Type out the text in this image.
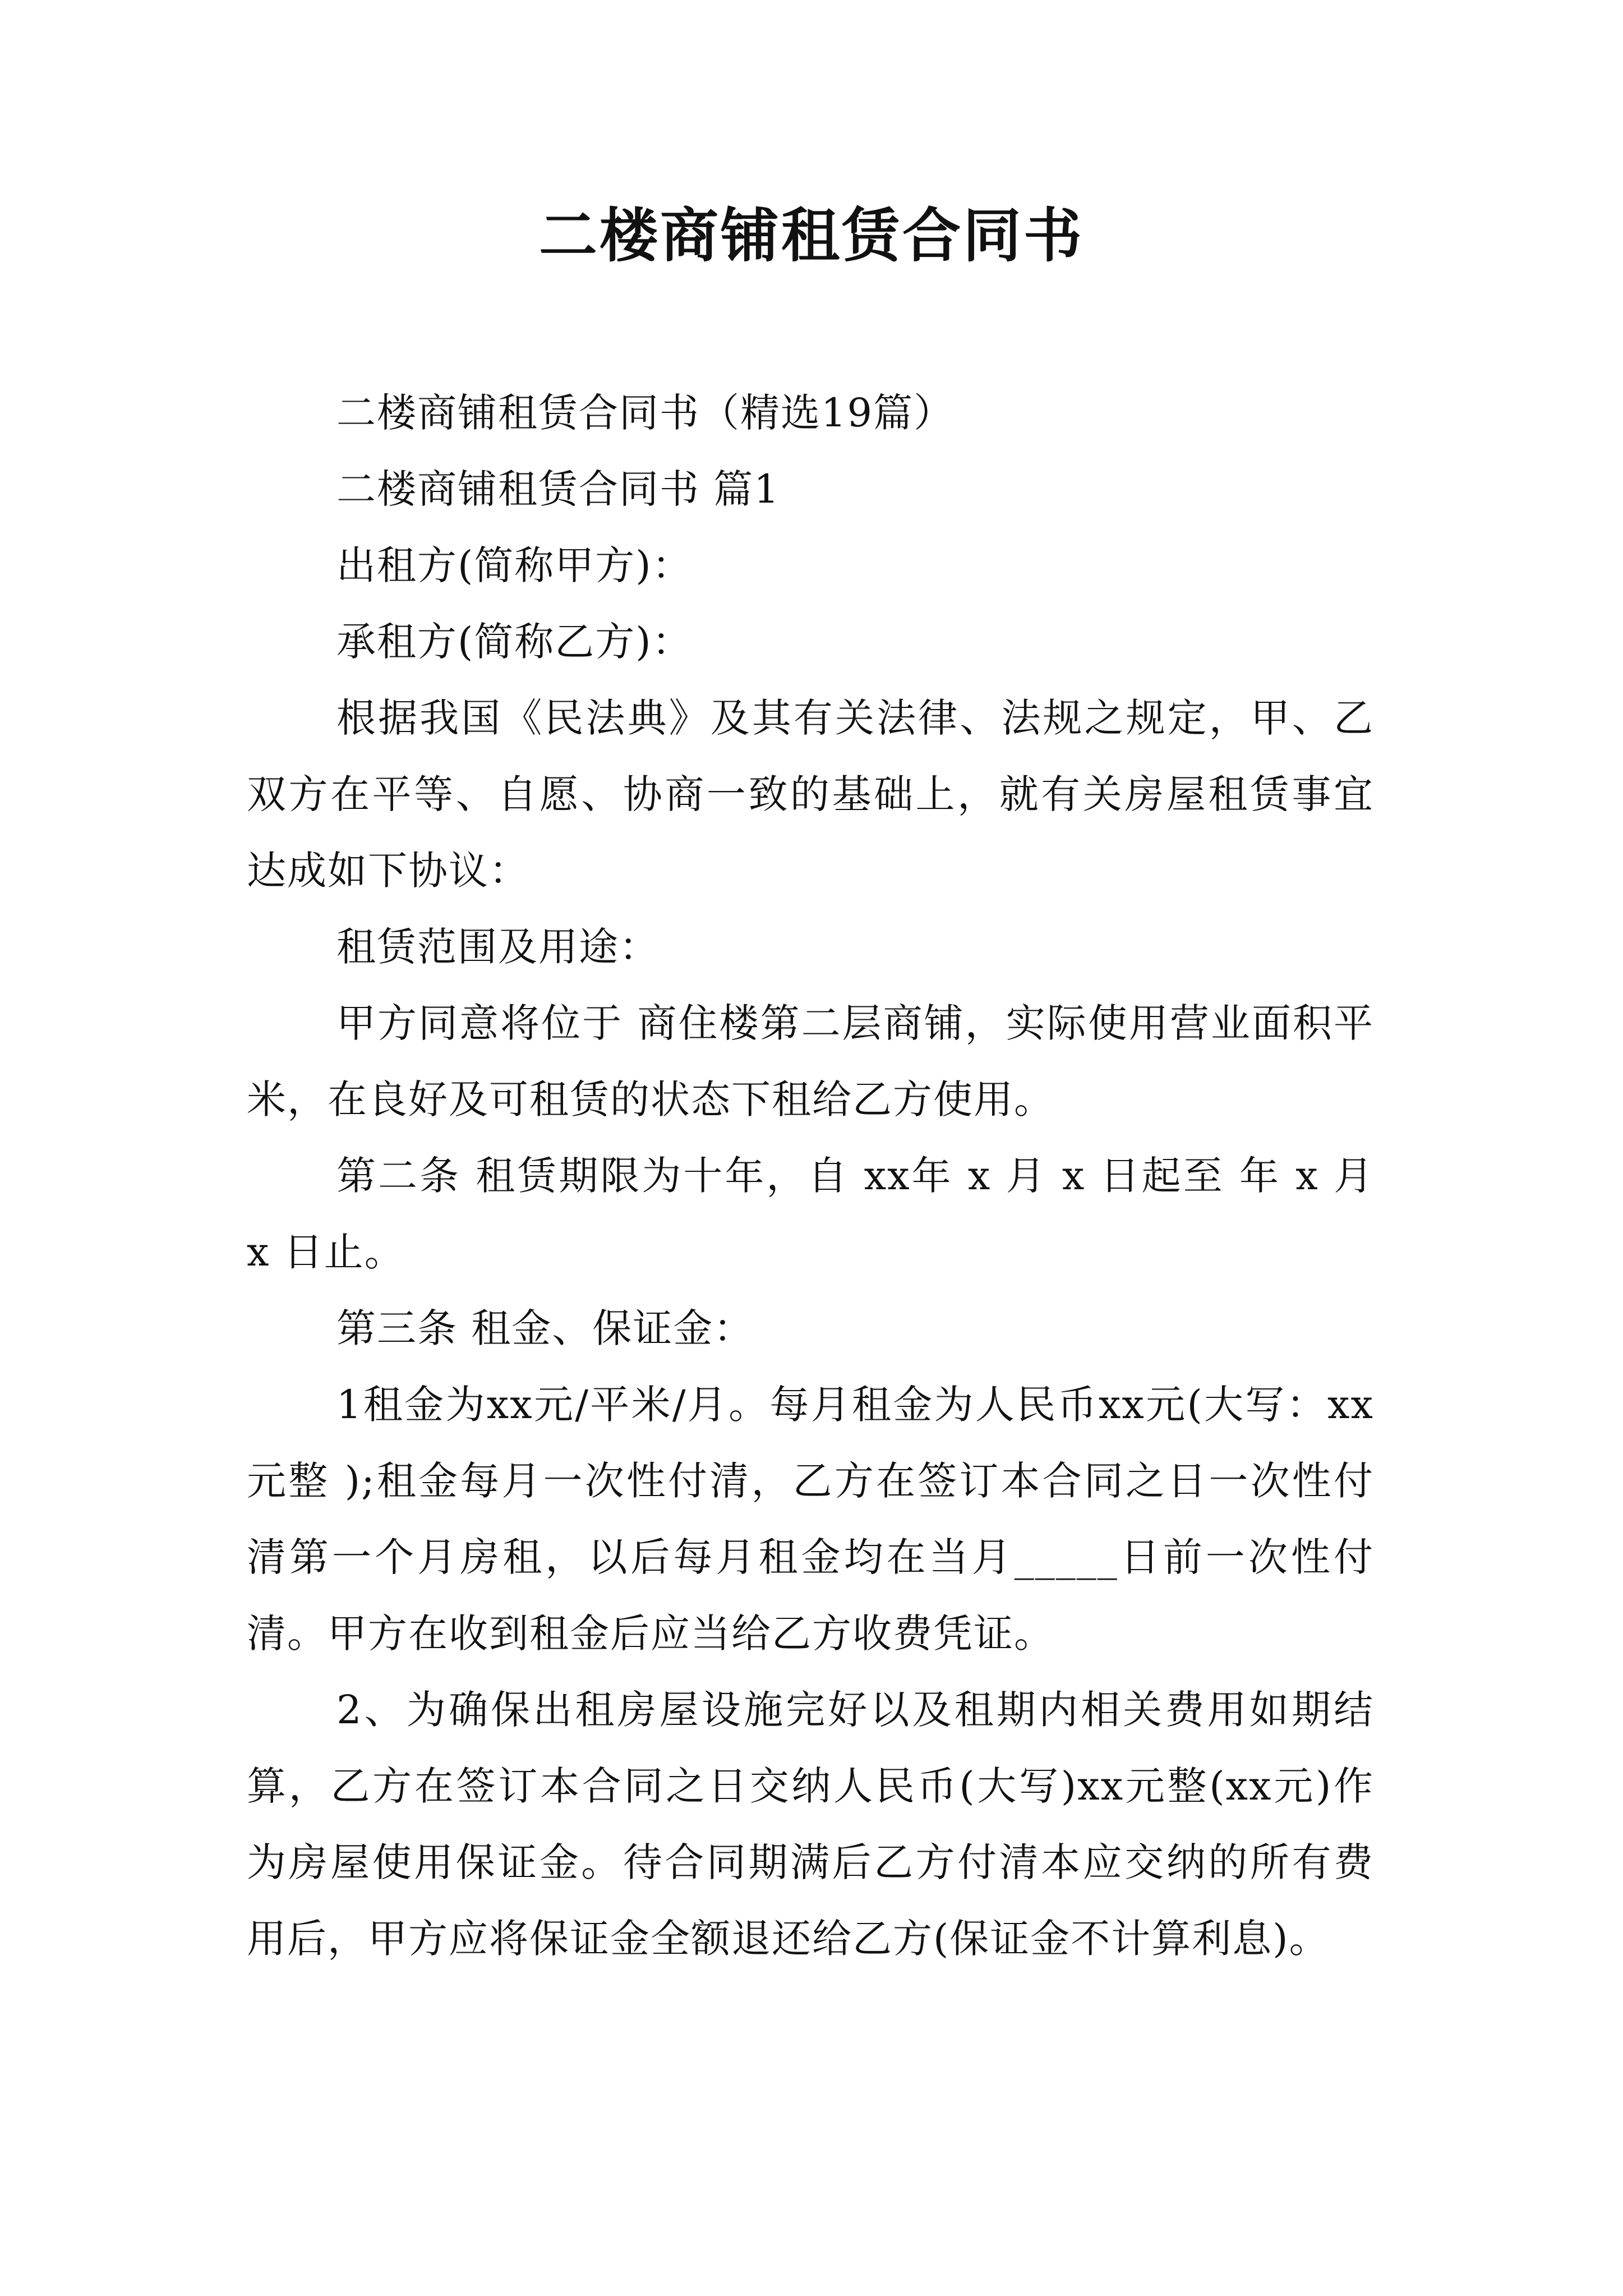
二楼商铺租赁合同书

二楼商铺租赁合同书（精选19篇）

二楼商铺租赁合同书 篇1

出租方(简称甲方)：

承租方(简称乙方)：

根据我国《民法典》及其有关法律、法规之规定，甲、乙双方在平等、自愿、协商一致的基础上，就有关房屋租赁事宜达成如下协议：

租赁范围及用途：

甲方同意将位于 商住楼第二层商铺，实际使用营业面积平米，在良好及可租赁的状态下租给乙方使用。

第二条 租赁期限为十年，自 xx年 x 月 x 日起至 年 x 月 x 日止。

第三条 租金、保证金：

1租金为xx元/平米/月。每月租金为人民币xx元(大写：xx元整 );租金每月一次性付清，乙方在签订本合同之日一次性付清第一个月房租，以后每月租金均在当月_____日前一次性付清。甲方在收到租金后应当给乙方收费凭证。

2、为确保出租房屋设施完好以及租期内相关费用如期结算，乙方在签订本合同之日交纳人民币(大写)xx元整(xx元)作为房屋使用保证金。待合同期满后乙方付清本应交纳的所有费用后，甲方应将保证金全额退还给乙方(保证金不计算利息)。
